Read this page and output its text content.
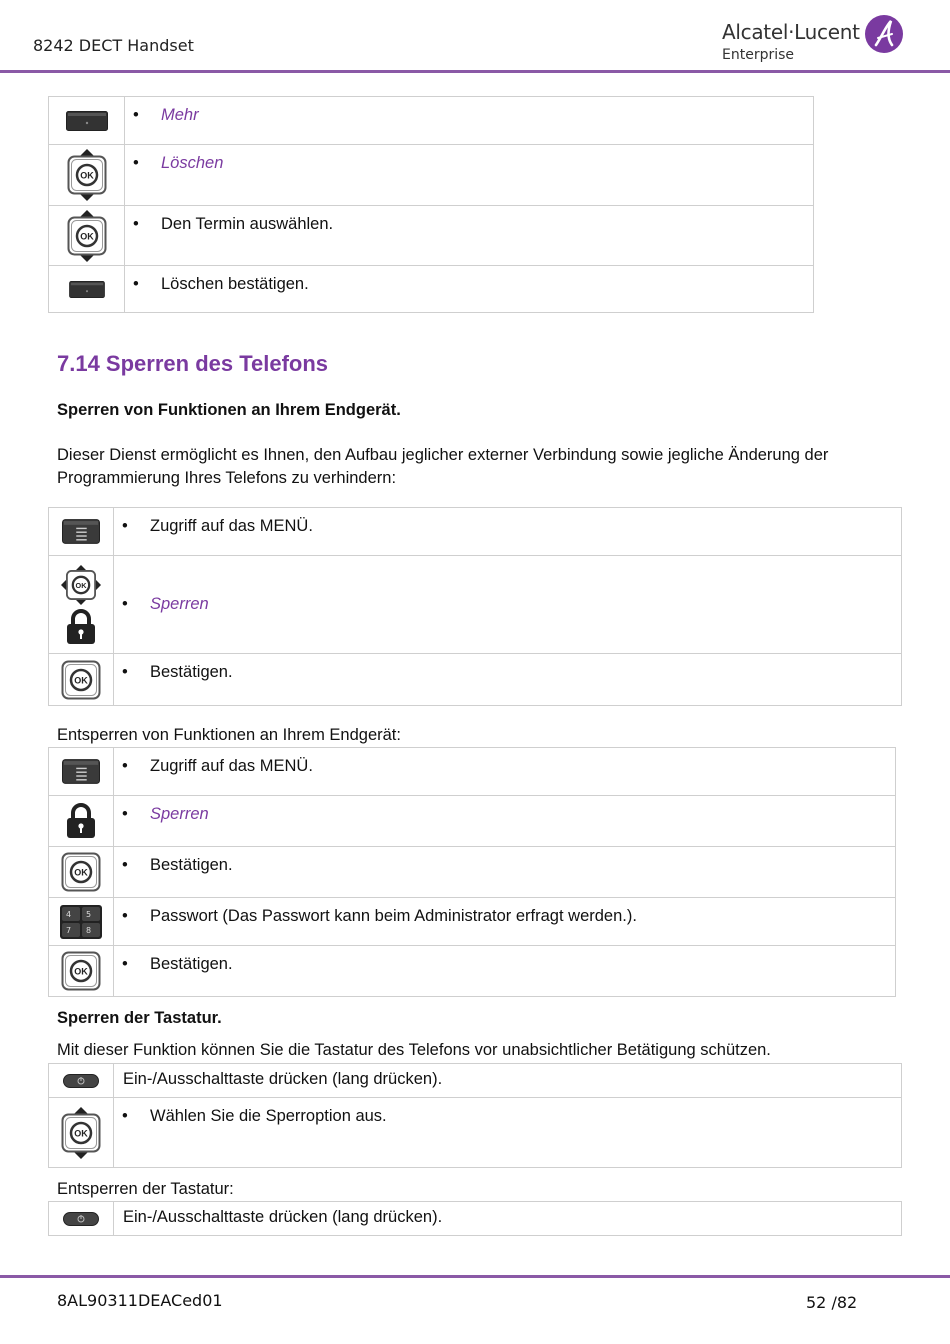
8242 DECT Handset
Alcatel·Lucent
Enterprise
	• Mehr

	• Löschen

	• Den Termin auswählen.

	• Löschen bestätigen.
7.14 Sperren des Telefons
Sperren von Funktionen an Ihrem Endgerät.
Dieser Dienst ermöglicht es Ihnen, den Aufbau jeglicher externer Verbindung sowie jegliche Änderung der
Programmierung Ihres Telefons zu verhindern:
	• Zugriff auf das MENÜ.

	• Sperren

	• Bestätigen.
Entsperren von Funktionen an Ihrem Endgerät:
	• Zugriff auf das MENÜ.

	• Sperren

	• Bestätigen.

	• Passwort (Das Passwort kann beim Administrator erfragt werden.).

	• Bestätigen.
Sperren der Tastatur.
Mit dieser Funktion können Sie die Tastatur des Telefons vor unabsichtlicher Betätigung schützen.
	Ein-/Ausschalttaste drücken (lang drücken).

	• Wählen Sie die Sperroption aus.
Entsperren der Tastatur:
	Ein-/Ausschalttaste drücken (lang drücken).
8AL90311DEACed01	52 /82
